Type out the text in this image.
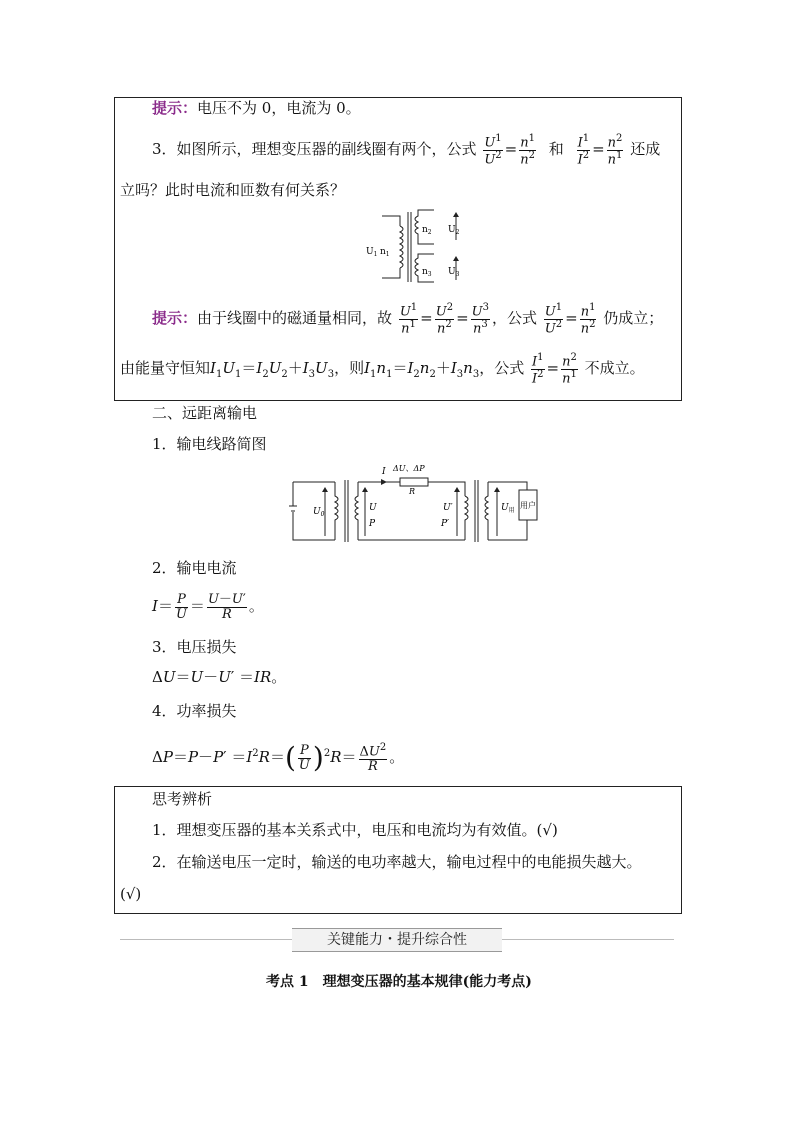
提示：电压不为 0，电流为 0。
3．如图所示，理想变压器的副线圈有两个，公式 $\frac{U^1}{U^2} = \frac{n^1}{n^2}$ 和 $\frac{I^1}{I^2} = \frac{n^2}{n^1}$ 还成
立吗？此时电流和匝数有何关系？
$U_1$ $n_1$
$n_2$ $U_2$
$n_3$ $U_3$
提示：由于线圈中的磁通量相同，故 $\frac{U^1}{n^1} = \frac{U^2}{n^2} = \frac{U^3}{n^3}$ ，公式 $\frac{U^1}{U^2} = \frac{n^1}{n^2}$ 仍成立；
由能量守恒知$I_1U_1=I_2U_2+I_3U_3$，则$I_1n_1=I_2n_2+I_3n_3$，公式 $\frac{I^1}{I^2} = \frac{n^2}{n^1}$ 不成立。
二、远距离输电
1．输电线路简图
I ΔU、ΔP
R
$U_0$
U
P
U′
P′
$U_用$
用户
2．输电电流
$I= \frac{P}{U} = \frac{U-U'}{R}$ 。
3．电压损失
ΔU＝U－U′ ＝IR。
4．功率损失
$\Delta P=P-P' =I^2R=( \frac{P}{U} )^2R= \frac{\Delta U^2}{R}$ 。
思考辨析
1．理想变压器的基本关系式中，电压和电流均为有效值。(√)
2．在输送电压一定时，输送的电功率越大，输电过程中的电能损失越大。
(√)
关键能力・提升综合性
考点 1　理想变压器的基本规律(能力考点)
